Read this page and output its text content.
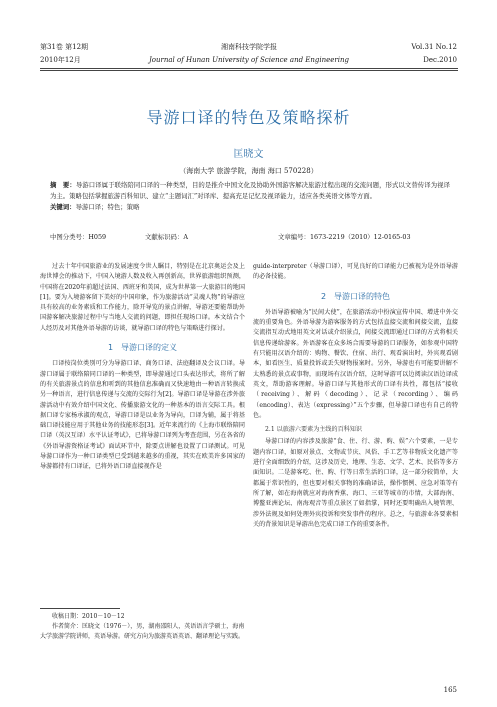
第31卷 第12期	湘南科技学院学报	Vol.31 No.12
2010年12月	Journal of Hunan University of Science and Engineering	Dec.2010
导游口译的特色及策略探析
匡晓文
（海南大学 旅游学院，海南 海口 570228）
摘　要：导游口译属于联络陪同口译的一种类型，目的是推介中国文化及协助外国游客解决旅游过程出现的交流问题，形式以文替传译为视译为主。策略包括掌握旅游百科知识、建立“主题词汇”对译库、提高充足记忆及视译能力，适应各类英语文体等方面。
关键词：导游口译；特色；策略
中图分类号：H059	文献标识码：A	文章编号：1673-2219（2010）12-0165-03

过去十年中国旅游业的发展速度令世人瞩目，特别是在北京奥运会及上海世博会的推动下，中国入境游人数及收入再创新高，世界旅游组织预测，中国将在2020年前超过法国、西班牙和美国，成为世界第一大旅游目的地国[1]。要为入境游客留下美好的中国印象，作为旅游活动“灵魂人物”的导游应具有较高的业务素质和工作能力，除开导览的景点讲解，导游还要能帮助外国游客解决旅游过程中与当地人交流的问题，即担任现场口译。本文结合个人经历及对其他外语导游的访谈，就导游口译的特色与策略进行探讨。

1　导游口译的定义

口译按岗位类别可分为导游口译、商务口译、法庭翻译及会议口译。导游口译属于联络陪同口译的一种类型，即导游通过口头表达形式，将所了解的有关旅游景点的信息和听到的其他信息准确而又快速地由一种语言转换成另一种语言，进行信息传递与交流的交际行为[2]。导游口译是导游在涉外旅游活动中有效介绍中国文化、传播旅游文化的一种基本的语言交际工具。根据口译专家杨承淑的观点，导游口译是以业务为导向，口译为辅，属于将基础口译技能应用于其他业务的技能形态[3]。近年来流行的《上海市联络陪同口译（英汉互译）水平认证考试》，已将导游口译列为考查范围，另在各省的《外语导游资格证考试》面试环节中，除要点讲解也设置了口译测试。可见导游口译作为一种口译类型已受到越来越多的重视，其实在欧美许多国家的导游都持有口译证，已将外语口译直接视作是

guide-interpreter（导游口译），可见良好的口译能力已被视为是外语导游的必备技能。

2　导游口译的特色

外语导游被喻为“民间大使”，在旅游活动中扮演宣传中国、增进中外交流的重要角色。外语导游为游客服务的方式包括直接交流和间接交流，直接交流指互动式地用英文对话或介绍景点，间接交流即通过口译的方式将相关信息传递给游客。外语游客在众多场合需要导游的口译服务，如参观中国特有只能用汉语介绍的：购物、餐饮、住宿、出行、观看演出时，外宾观看剧本，如看医生、质量投诉或丢失财物报案时。另外，导游也有可能要讲解不太熟悉的景点或事物，而现场有汉语介绍，这时导游可以边阅读汉语边译成英文，帮助游客理解。导游口译与其他形式的口译有共性，都包括“接收（receiving）、解码（decoding）、记录（recording）、编码（encoding）、表达（expressing）”五个步骤，但导游口译也有自己的特色。

2.1 以旅游六要素为主线的百科知识

导游口译的内容涉及旅游“食、住、行、游、购、娱”六个要素，一是专题内容口译，如原对景点、文物或节庆、风俗、手工艺等非物质文化遗产等进行全面细致的介绍，这涉及历史、地理、生态、文学、艺术、民俗等多方面知识。二是游客吃、住、购、行等日常生活的口译，这一部分较简单，大都属于常识性的，但也要对相关事物的准确译法，操作惯例、应急对策等有所了解，如在海南就应对海南香蕉、海口、三亚等城市的市情，大部海南、博鳌亚洲论坛、南海观音等重点景区了如指掌，同时还要明确出入境管理、涉外法规及如何处理外宾投诉和突发事件的程序。总之，与旅游业各要素相关的背景知识是导游出色完成口译工作的重要条件。

收稿日期：2010－10－12
作者简介：匡晓文（1976－），男，湖南邵阳人，英语语言学硕士，海南大学旅游学院讲师，英语导游。研究方向为旅游英语英语、翻译理论与实践。
165
